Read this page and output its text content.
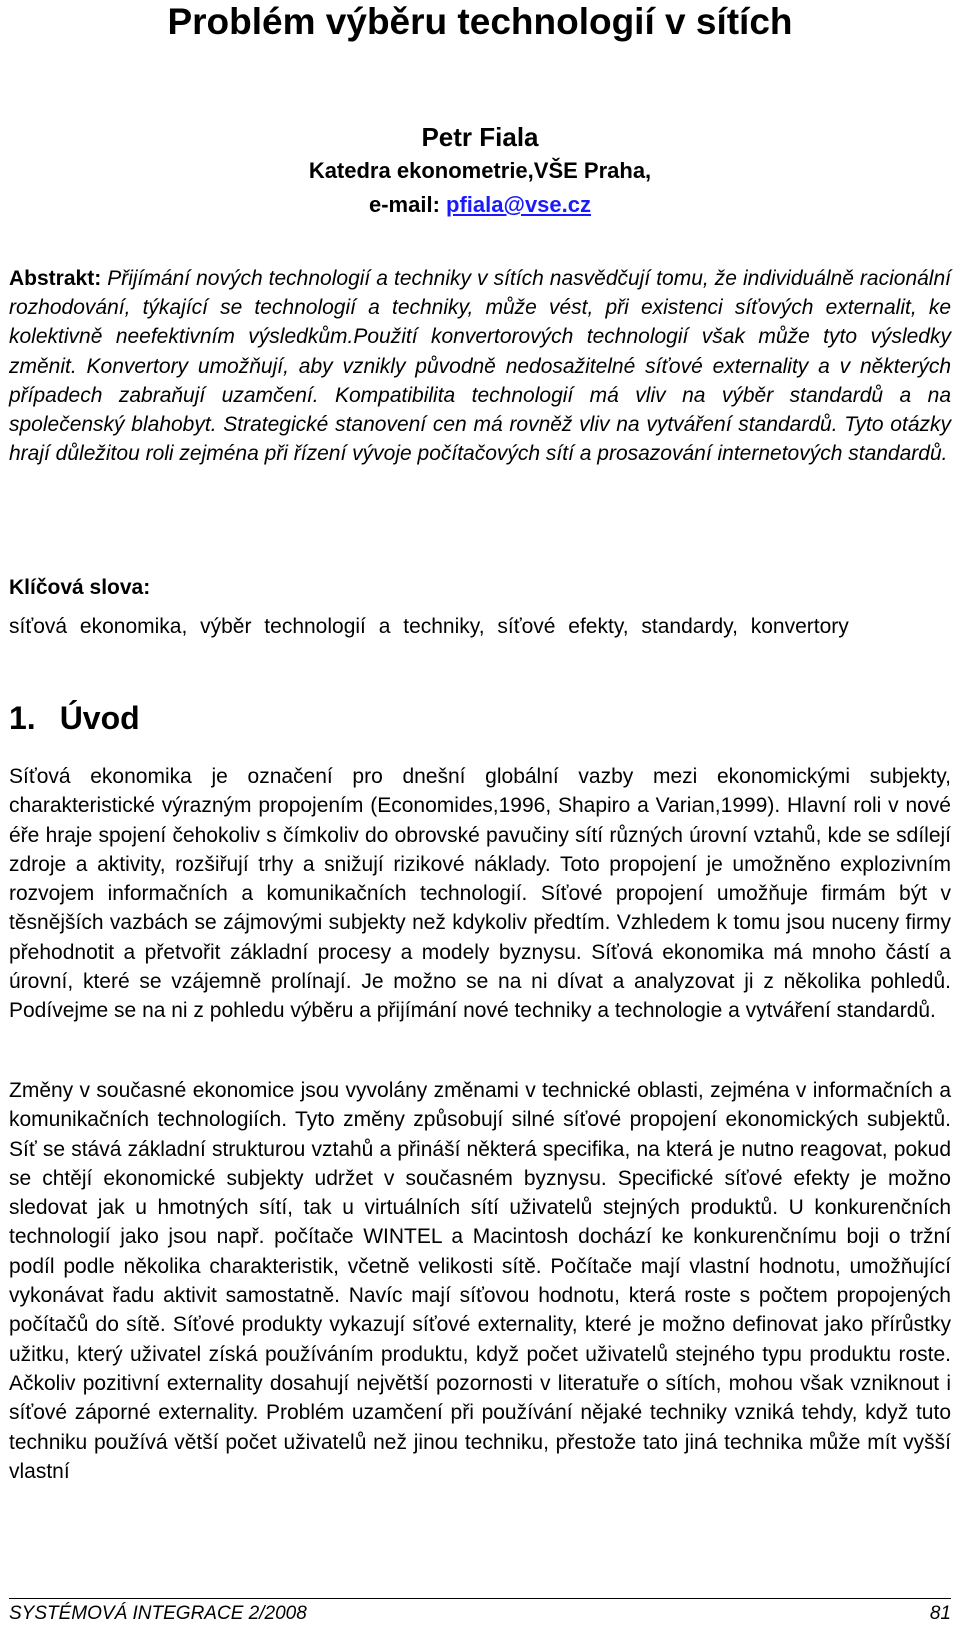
Problém výběru technologií v sítích
Petr Fiala
Katedra ekonometrie,VŠE Praha,
e-mail: pfiala@vse.cz

Abstrakt: Přijímání nových technologií a techniky v sítích nasvědčují tomu, že individuálně racionální rozhodování, týkající se technologií a techniky, může vést, při existenci síťových externalit, ke kolektivně neefektivním výsledkům.Použití konvertorových technologií však může tyto výsledky změnit. Konvertory umožňují, aby vznikly původně nedosažitelné síťové externality a v některých případech zabraňují uzamčení. Kompatibilita technologií má vliv na výběr standardů a na společenský blahobyt. Strategické stanovení cen má rovněž vliv na vytváření standardů. Tyto otázky hrají důležitou roli zejména při řízení vývoje počítačových sítí a prosazování internetových standardů.

Klíčová slova:

síťová ekonomika, výběr technologií a techniky, síťové efekty, standardy, konvertory

1. Úvod

Síťová ekonomika je označení pro dnešní globální vazby mezi ekonomickými subjekty, charakteristické výrazným propojením (Economides,1996, Shapiro a Varian,1999). Hlavní roli v nové éře hraje spojení čehokoliv s čímkoliv do obrovské pavučiny sítí různých úrovní vztahů, kde se sdílejí zdroje a aktivity, rozšiřují trhy a snižují rizikové náklady. Toto propojení je umožněno explozivním rozvojem informačních a komunikačních technologií. Síťové propojení umožňuje firmám být v těsnějších vazbách se zájmovými subjekty než kdykoliv předtím. Vzhledem k tomu jsou nuceny firmy přehodnotit a přetvořit základní procesy a modely byznysu. Síťová ekonomika má mnoho částí a úrovní, které se vzájemně prolínají. Je možno se na ni dívat a analyzovat ji z několika pohledů. Podívejme se na ni z pohledu výběru a přijímání nové techniky a technologie a vytváření standardů.

Změny v současné ekonomice jsou vyvolány změnami v technické oblasti, zejména v informačních a komunikačních technologiích. Tyto změny způsobují silné síťové propojení ekonomických subjektů. Síť se stává základní strukturou vztahů a přináší některá specifika, na která je nutno reagovat, pokud se chtějí ekonomické subjekty udržet v současném byznysu. Specifické síťové efekty je možno sledovat jak u hmotných sítí, tak u virtuálních sítí uživatelů stejných produktů. U konkurenčních technologií jako jsou např. počítače WINTEL a Macintosh dochází ke konkurenčnímu boji o tržní podíl podle několika charakteristik, včetně velikosti sítě. Počítače mají vlastní hodnotu, umožňující vykonávat řadu aktivit samostatně. Navíc mají síťovou hodnotu, která roste s počtem propojených počítačů do sítě. Síťové produkty vykazují síťové externality, které je možno definovat jako přírůstky užitku, který uživatel získá používáním produktu, když počet uživatelů stejného typu produktu roste. Ačkoliv pozitivní externality dosahují největší pozornosti v literatuře o sítích, mohou však vzniknout i síťové záporné externality. Problém uzamčení při používání nějaké techniky vzniká tehdy, když tuto techniku používá větší počet uživatelů než jinou techniku, přestože tato jiná technika může mít vyšší vlastní

SYSTÉMOVÁ INTEGRACE 2/2008	81
